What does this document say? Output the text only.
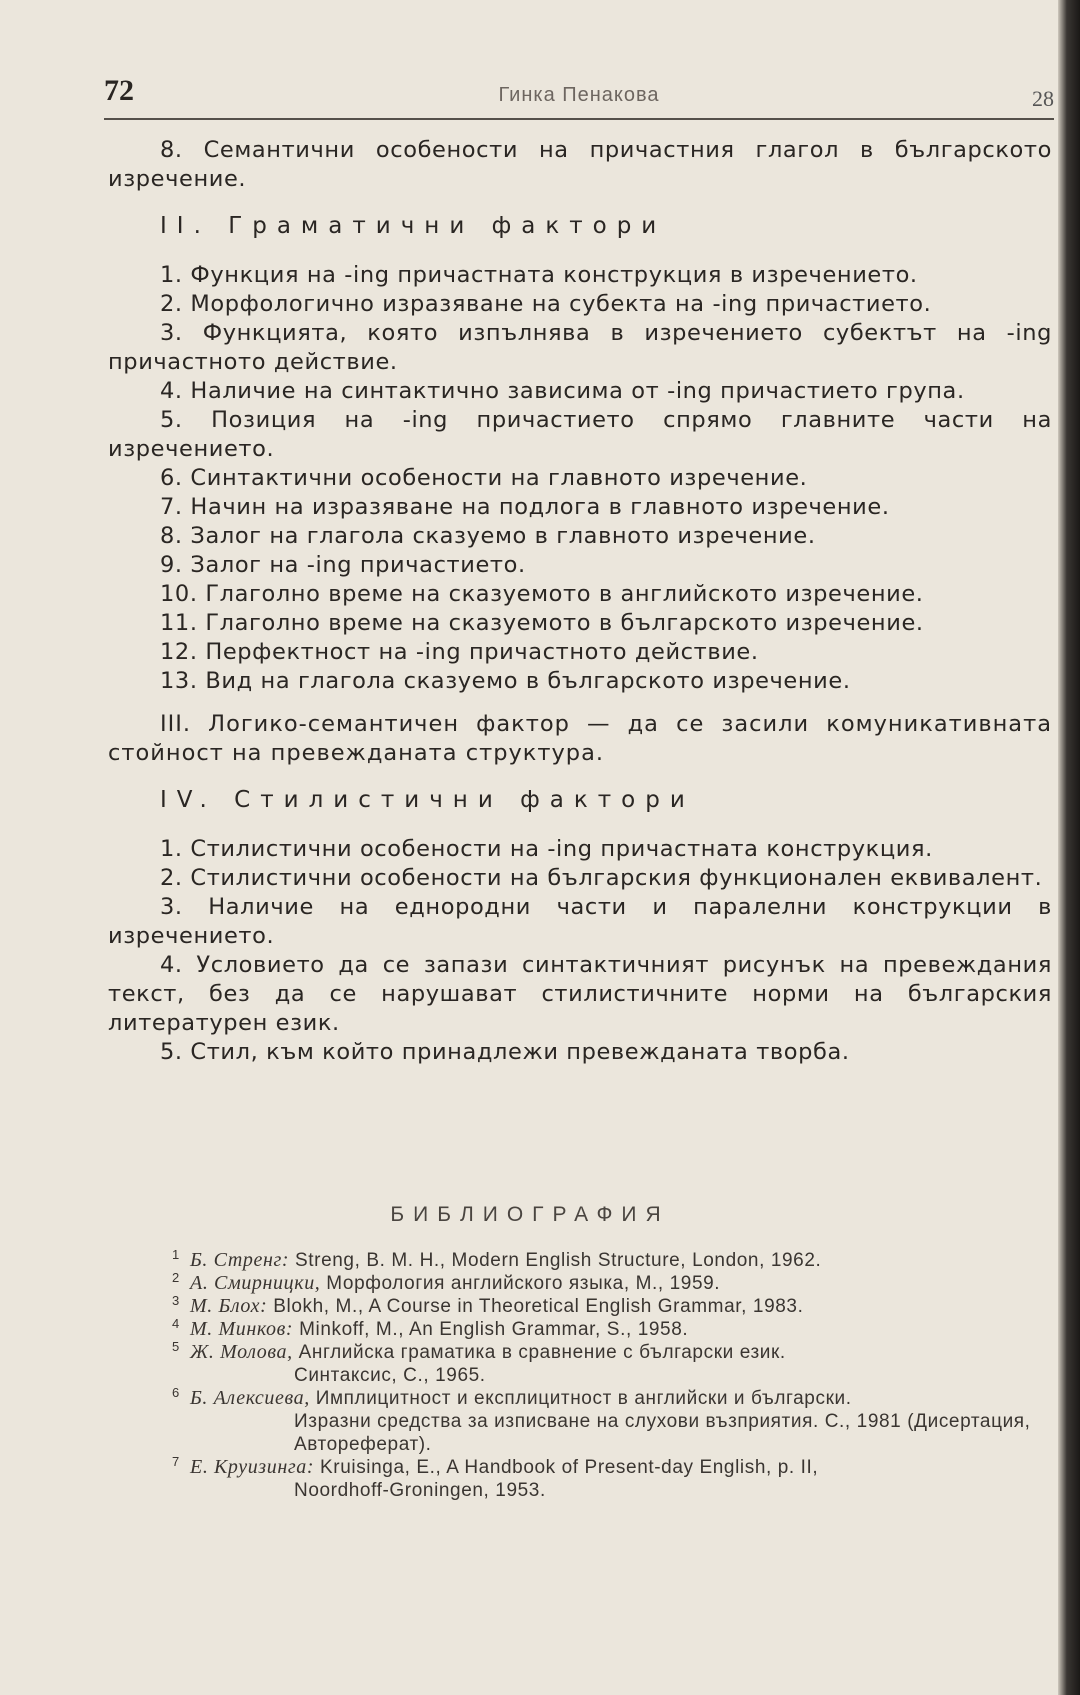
72	Гинка Пенакова	28

8. Семантични особености на причастния глагол в българското изречение.

II. Граматични фактори

1. Функция на -ing причастната конструкция в изречението.

2. Морфологично изразяване на субекта на -ing причастието.

3. Функцията, която изпълнява в изречението субектът на -ing причастното действие.

4. Наличие на синтактично зависима от -ing причастието група.

5. Позиция на -ing причастието спрямо главните части на изречението.

6. Синтактични особености на главното изречение.

7. Начин на изразяване на подлога в главното изречение.

8. Залог на глагола сказуемо в главното изречение.

9. Залог на -ing причастието.

10. Глаголно време на сказуемото в английското изречение.

11. Глаголно време на сказуемото в българското изречение.

12. Перфектност на -ing причастното действие.

13. Вид на глагола сказуемо в българското изречение.

III. Логико-семантичен фактор — да се засили комуникативната стойност на превежданата структура.

IV. Стилистични фактори

1. Стилистични особености на -ing причастната конструкция.

2. Стилистични особености на българския функционален еквивалент.

3. Наличие на еднородни части и паралелни конструкции в изречението.

4. Условието да се запази синтактичният рисунък на превеждания текст, без да се нарушават стилистичните норми на българския литературен език.

5. Стил, към който принадлежи превежданата творба.

БИБЛИОГРАФИЯ

1 Б. Стренг: Streng, B. M. H., Modern English Structure, London, 1962.

2 А. Смирницки, Морфология английского языка, М., 1959.

3 М. Блох: Blokh, M., A Course in Theoretical English Grammar, 1983.

4 М. Минков: Minkoff, M., An English Grammar, S., 1958.

5 Ж. Молова, Английска граматика в сравнение с български език.
Синтаксис, С., 1965.

6 Б. Алексиева, Имплицитност и експлицитност в английски и български.
Изразни средства за изписване на слухови възприятия. С., 1981 (Дисертация, Автореферат).

7 Е. Круизинга: Kruisinga, E., A Handbook of Present-day English, p. II,
Noordhoff-Groningen, 1953.
